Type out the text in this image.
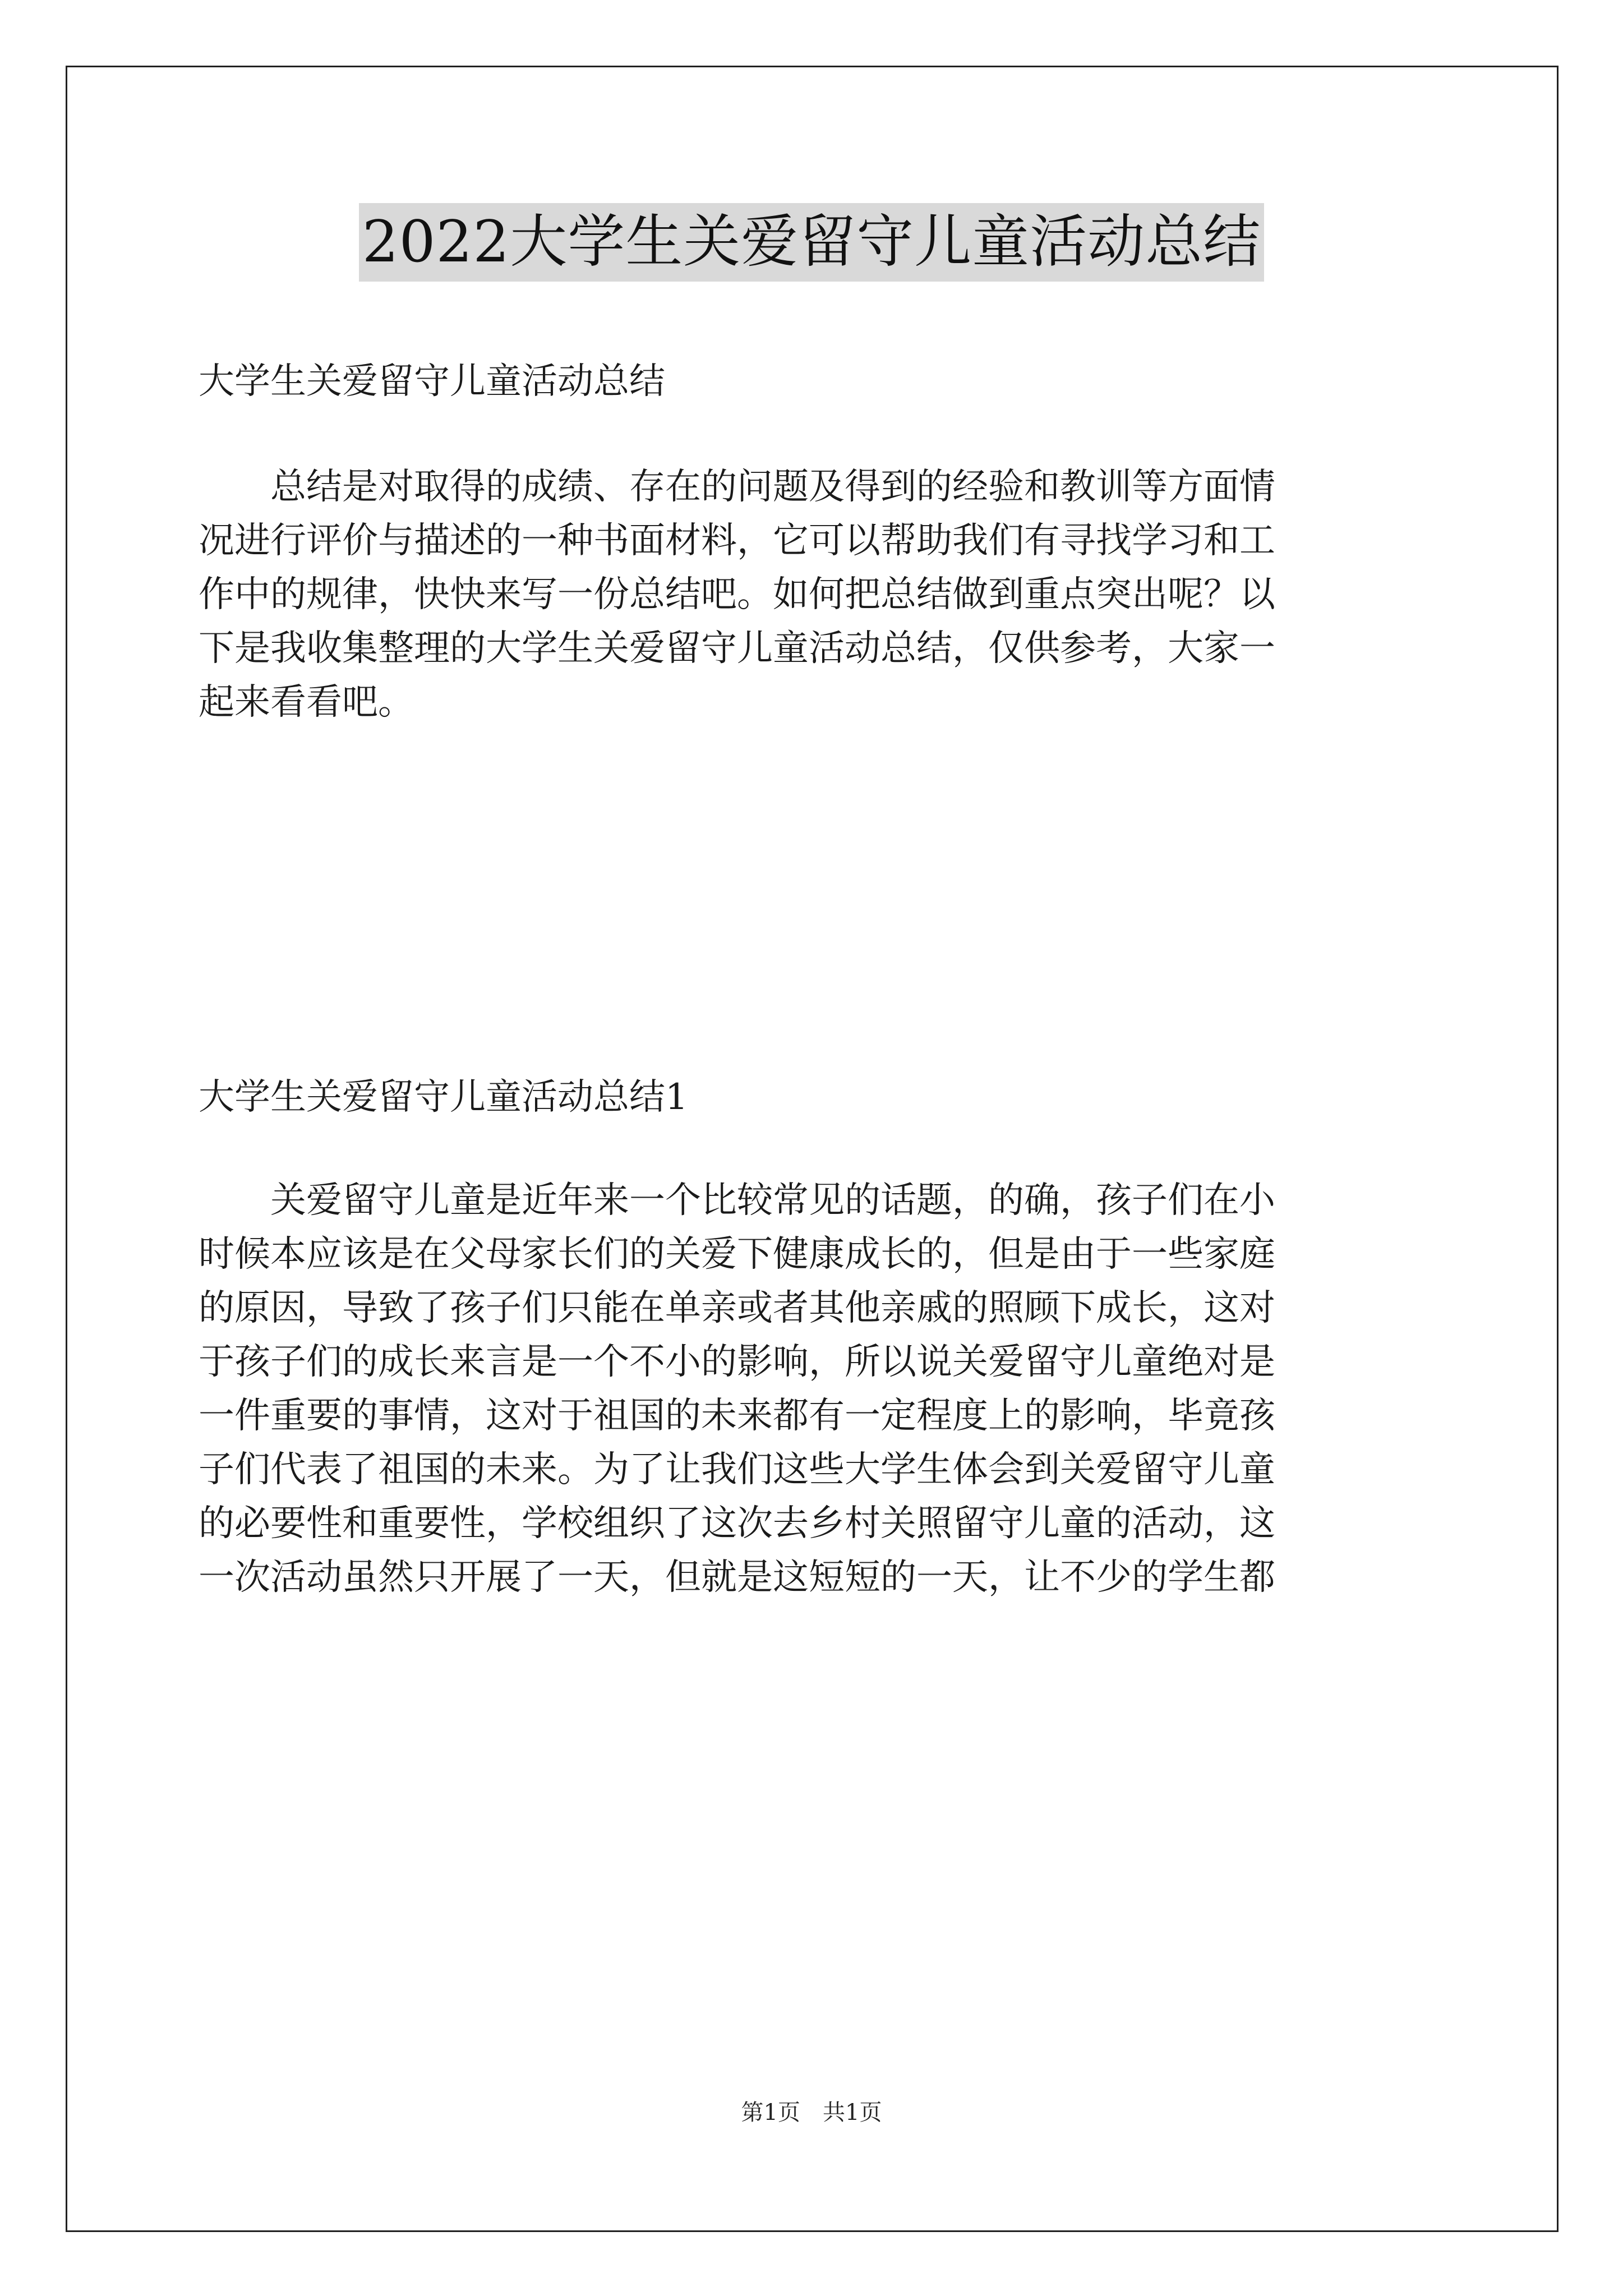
2022大学生关爱留守儿童活动总结
大学生关爱留守儿童活动总结
　　总结是对取得的成绩、存在的问题及得到的经验和教训等方面情
况进行评价与描述的一种书面材料，它可以帮助我们有寻找学习和工
作中的规律，快快来写一份总结吧。如何把总结做到重点突出呢？以
下是我收集整理的大学生关爱留守儿童活动总结，仅供参考，大家一
起来看看吧。
大学生关爱留守儿童活动总结1
　　关爱留守儿童是近年来一个比较常见的话题，的确，孩子们在小
时候本应该是在父母家长们的关爱下健康成长的，但是由于一些家庭
的原因，导致了孩子们只能在单亲或者其他亲戚的照顾下成长，这对
于孩子们的成长来言是一个不小的影响，所以说关爱留守儿童绝对是
一件重要的事情，这对于祖国的未来都有一定程度上的影响，毕竟孩
子们代表了祖国的未来。为了让我们这些大学生体会到关爱留守儿童
的必要性和重要性，学校组织了这次去乡村关照留守儿童的活动，这
一次活动虽然只开展了一天，但就是这短短的一天，让不少的学生都
第1页　共1页
